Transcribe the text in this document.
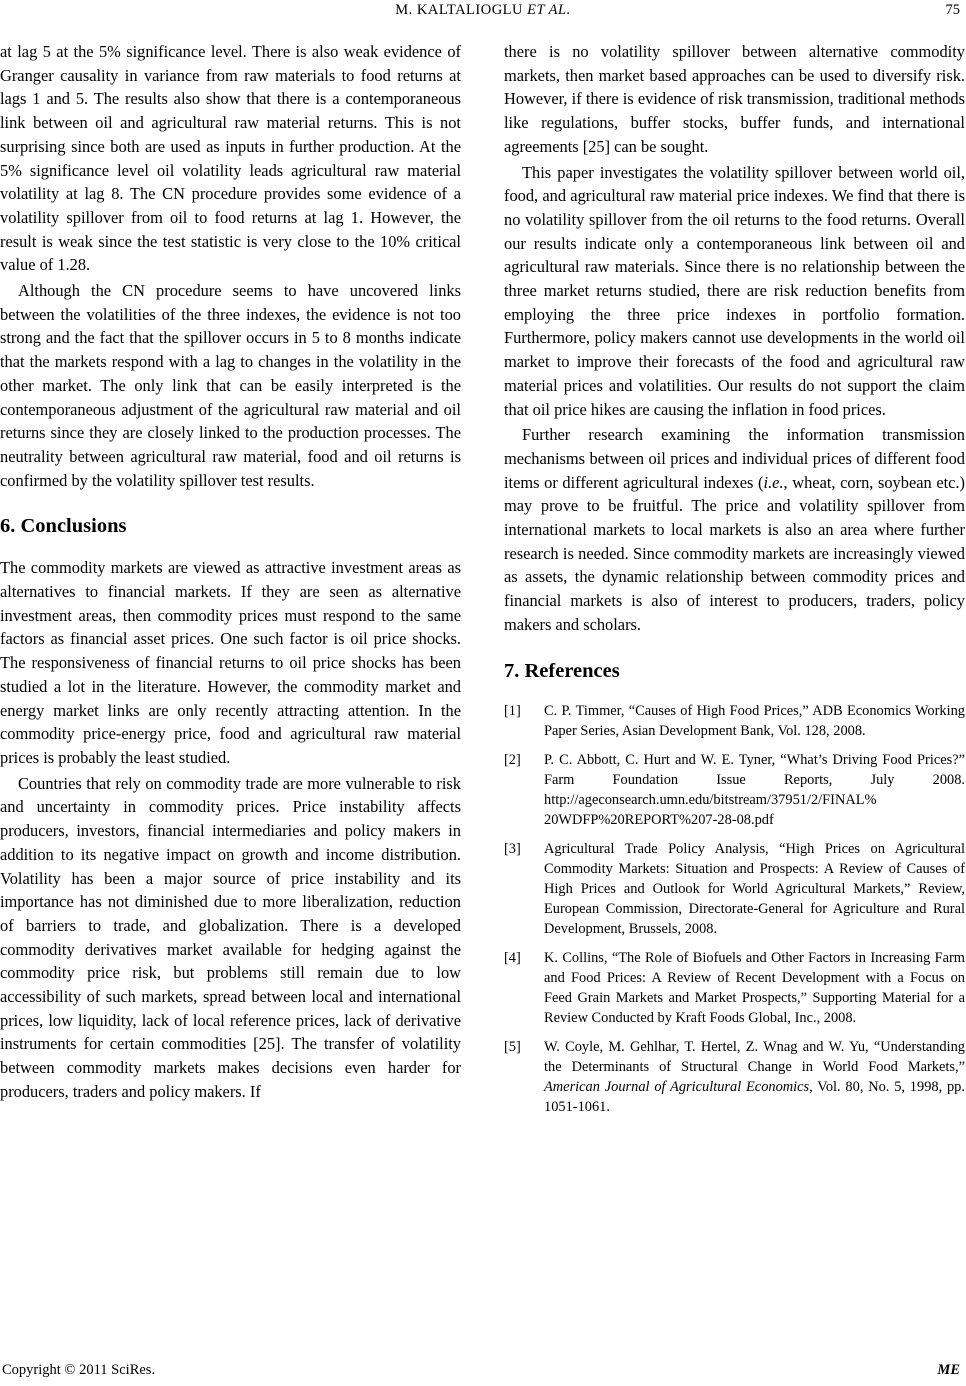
M. KALTALIOGLU ET AL.	75

at lag 5 at the 5% significance level. There is also weak evidence of Granger causality in variance from raw materials to food returns at lags 1 and 5. The results also show that there is a contemporaneous link between oil and agricultural raw material returns. This is not surprising since both are used as inputs in further production. At the 5% significance level oil volatility leads agricultural raw material volatility at lag 8. The CN procedure provides some evidence of a volatility spillover from oil to food returns at lag 1. However, the result is weak since the test statistic is very close to the 10% critical value of 1.28.

Although the CN procedure seems to have uncovered links between the volatilities of the three indexes, the evidence is not too strong and the fact that the spillover occurs in 5 to 8 months indicate that the markets respond with a lag to changes in the volatility in the other market. The only link that can be easily interpreted is the contemporaneous adjustment of the agricultural raw material and oil returns since they are closely linked to the production processes. The neutrality between agricultural raw material, food and oil returns is confirmed by the volatility spillover test results.

6. Conclusions

The commodity markets are viewed as attractive investment areas as alternatives to financial markets. If they are seen as alternative investment areas, then commodity prices must respond to the same factors as financial asset prices. One such factor is oil price shocks. The responsiveness of financial returns to oil price shocks has been studied a lot in the literature. However, the commodity market and energy market links are only recently attracting attention. In the commodity price-energy price, food and agricultural raw material prices is probably the least studied.

Countries that rely on commodity trade are more vulnerable to risk and uncertainty in commodity prices. Price instability affects producers, investors, financial intermediaries and policy makers in addition to its negative impact on growth and income distribution. Volatility has been a major source of price instability and its importance has not diminished due to more liberalization, reduction of barriers to trade, and globalization. There is a developed commodity derivatives market available for hedging against the commodity price risk, but problems still remain due to low accessibility of such markets, spread between local and international prices, low liquidity, lack of local reference prices, lack of derivative instruments for certain commodities [25]. The transfer of volatility between commodity markets makes decisions even harder for producers, traders and policy makers. If

there is no volatility spillover between alternative commodity markets, then market based approaches can be used to diversify risk. However, if there is evidence of risk transmission, traditional methods like regulations, buffer stocks, buffer funds, and international agreements [25] can be sought.

This paper investigates the volatility spillover between world oil, food, and agricultural raw material price indexes. We find that there is no volatility spillover from the oil returns to the food returns. Overall our results indicate only a contemporaneous link between oil and agricultural raw materials. Since there is no relationship between the three market returns studied, there are risk reduction benefits from employing the three price indexes in portfolio formation. Furthermore, policy makers cannot use developments in the world oil market to improve their forecasts of the food and agricultural raw material prices and volatilities. Our results do not support the claim that oil price hikes are causing the inflation in food prices.

Further research examining the information transmission mechanisms between oil prices and individual prices of different food items or different agricultural indexes (i.e., wheat, corn, soybean etc.) may prove to be fruitful. The price and volatility spillover from international markets to local markets is also an area where further research is needed. Since commodity markets are increasingly viewed as assets, the dynamic relationship between commodity prices and financial markets is also of interest to producers, traders, policy makers and scholars.

7. References
[1]	C. P. Timmer, “Causes of High Food Prices,” ADB Economics Working Paper Series, Asian Development Bank, Vol. 128, 2008.
[2]	P. C. Abbott, C. Hurt and W. E. Tyner, “What’s Driving Food Prices?” Farm Foundation Issue Reports, July 2008. http://ageconsearch.umn.edu/bitstream/37951/2/FINAL% 20WDFP%20REPORT%207-28-08.pdf
[3]	Agricultural Trade Policy Analysis, “High Prices on Agricultural Commodity Markets: Situation and Prospects: A Review of Causes of High Prices and Outlook for World Agricultural Markets,” Review, European Commission, Directorate-General for Agriculture and Rural Development, Brussels, 2008.
[4]	K. Collins, “The Role of Biofuels and Other Factors in Increasing Farm and Food Prices: A Review of Recent Development with a Focus on Feed Grain Markets and Market Prospects,” Supporting Material for a Review Conducted by Kraft Foods Global, Inc., 2008.
[5]	W. Coyle, M. Gehlhar, T. Hertel, Z. Wnag and W. Yu, “Understanding the Determinants of Structural Change in World Food Markets,” American Journal of Agricultural Economics, Vol. 80, No. 5, 1998, pp. 1051-1061.
Copyright © 2011 SciRes.	ME
